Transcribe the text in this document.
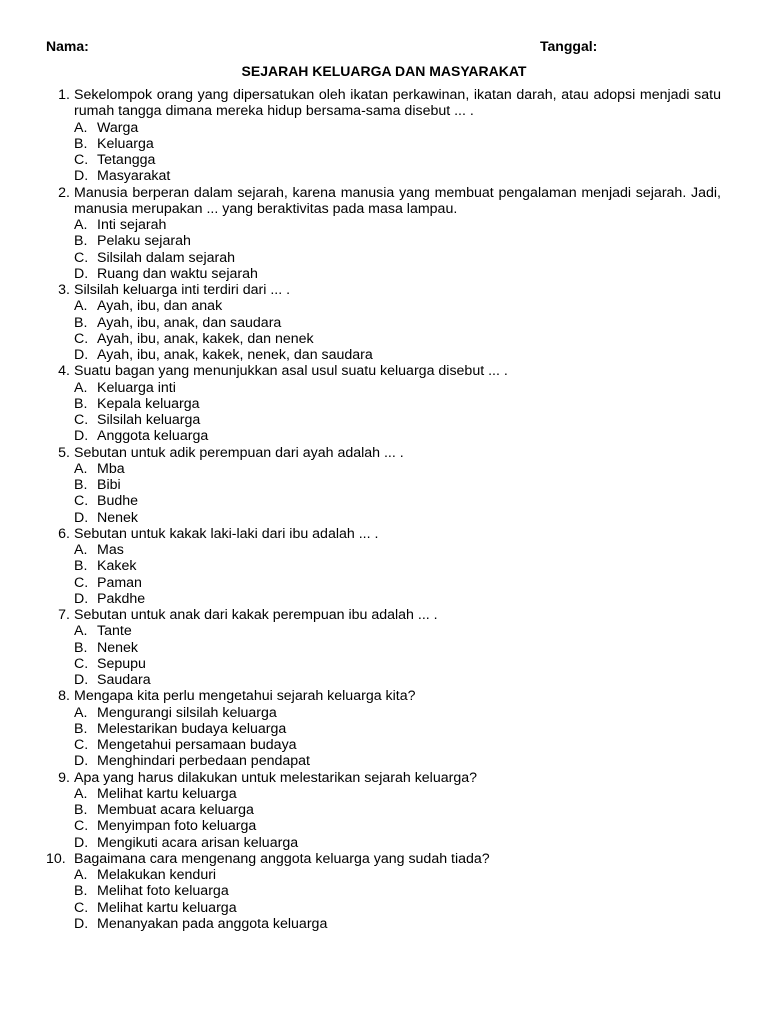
Nama:	Tanggal:
SEJARAH KELUARGA DAN MASYARAKAT
1. Sekelompok orang yang dipersatukan oleh ikatan perkawinan, ikatan darah, atau adopsi menjadi satu rumah tangga dimana mereka hidup bersama-sama disebut ... .
A. Warga
B. Keluarga
C. Tetangga
D. Masyarakat
2. Manusia berperan dalam sejarah, karena manusia yang membuat pengalaman menjadi sejarah. Jadi, manusia merupakan ... yang beraktivitas pada masa lampau.
A. Inti sejarah
B. Pelaku sejarah
C. Silsilah dalam sejarah
D. Ruang dan waktu sejarah
3. Silsilah keluarga inti terdiri dari ... .
A. Ayah, ibu, dan anak
B. Ayah, ibu, anak, dan saudara
C. Ayah, ibu, anak, kakek, dan nenek
D. Ayah, ibu, anak, kakek, nenek, dan saudara
4. Suatu bagan yang menunjukkan asal usul suatu keluarga disebut ... .
A. Keluarga inti
B. Kepala keluarga
C. Silsilah keluarga
D. Anggota keluarga
5. Sebutan untuk adik perempuan dari ayah adalah ... .
A. Mba
B. Bibi
C. Budhe
D. Nenek
6. Sebutan untuk kakak laki-laki dari ibu adalah ... .
A. Mas
B. Kakek
C. Paman
D. Pakdhe
7. Sebutan untuk anak dari kakak perempuan ibu adalah ... .
A. Tante
B. Nenek
C. Sepupu
D. Saudara
8. Mengapa kita perlu mengetahui sejarah keluarga kita?
A. Mengurangi silsilah keluarga
B. Melestarikan budaya keluarga
C. Mengetahui persamaan budaya
D. Menghindari perbedaan pendapat
9. Apa yang harus dilakukan untuk melestarikan sejarah keluarga?
A. Melihat kartu keluarga
B. Membuat acara keluarga
C. Menyimpan foto keluarga
D. Mengikuti acara arisan keluarga
10. Bagaimana cara mengenang anggota keluarga yang sudah tiada?
A. Melakukan kenduri
B. Melihat foto keluarga
C. Melihat kartu keluarga
D. Menanyakan pada anggota keluarga
